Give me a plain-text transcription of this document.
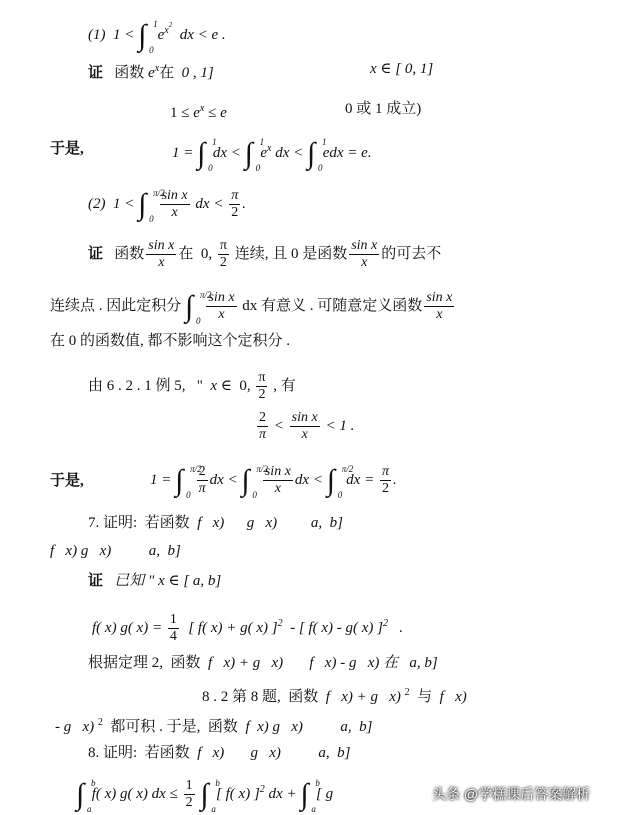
(1) 1 < ∫ 1
0
$e^{x2}$  dx < e .
证 函数 $e^x$在 0 , 1]	x ∈ [ 0, 1]
$1 \le e^x \le e$	0 或 1 成立)
于是,	1 = ∫ 1
0
dx < ∫ 1
0
$e^x$ dx < ∫ 1
0
edx = e.
(2) 1 < ∫ π/2
0
$\frac{\text{sin x}}{x}$ dx < $\frac{\pi}{2}$ .
证 函数 $\frac{\text{sin x}}{x}$ 在 0, $\frac{\pi}{2}$ 连续, 且 0 是函数 $\frac{\text{sin x}}{x}$ 的可去不
连续点 . 因此定积分 ∫ π/2
0
$\frac{\text{sin x}}{x}$ dx 有意义 . 可随意定义函数 $\frac{\text{sin x}}{x}$
在 0 的函数值, 都不影响这个定积分 .
由 6 . 2 . 1 例 5, " x ∈ 0, $\frac{\pi}{2}$ , 有
$\frac{2}{\pi} < \frac{\text{sin x}}{x} < 1$ .
于是,	1 = ∫ π/2
0
$\frac{2}{\pi}$ dx < ∫ π/2
0
$\frac{\text{sin x}}{x}$ dx < ∫ π/2
0
dx = $\frac{\pi}{2}$ .
7. 证明: 若函数 f   x)      g   x)         a,  b]
f   x) g   x)          a,  b]
证 已知 " x ∈ [ a, b]
f( x) g( $x) = \frac{1}{4}$ [ f( x) + g( x) ]$^2$ - [ f( x) - g( x) ]$^2$ .
根据定理 2, 函数 f   x) + g   x)       f   x) - g   x) 在 a, b]
8 . 2 第 8 题, 函数 f   x) + g   x) $^2$ 与 f   x)
- g   x) $^2$ 都可积 . 于是, 函数 f  x) g   x)          a,  b]
8. 证明: 若函数 f   x)       g   x)          a,  b]
∫ b
a
f( x) g( x) dx ≤ $\frac{1}{2}$ ∫ b
a
[ f( x) ]$^2$ dx + ∫ b
a
[ g	头条 @学糕课后答案解析
